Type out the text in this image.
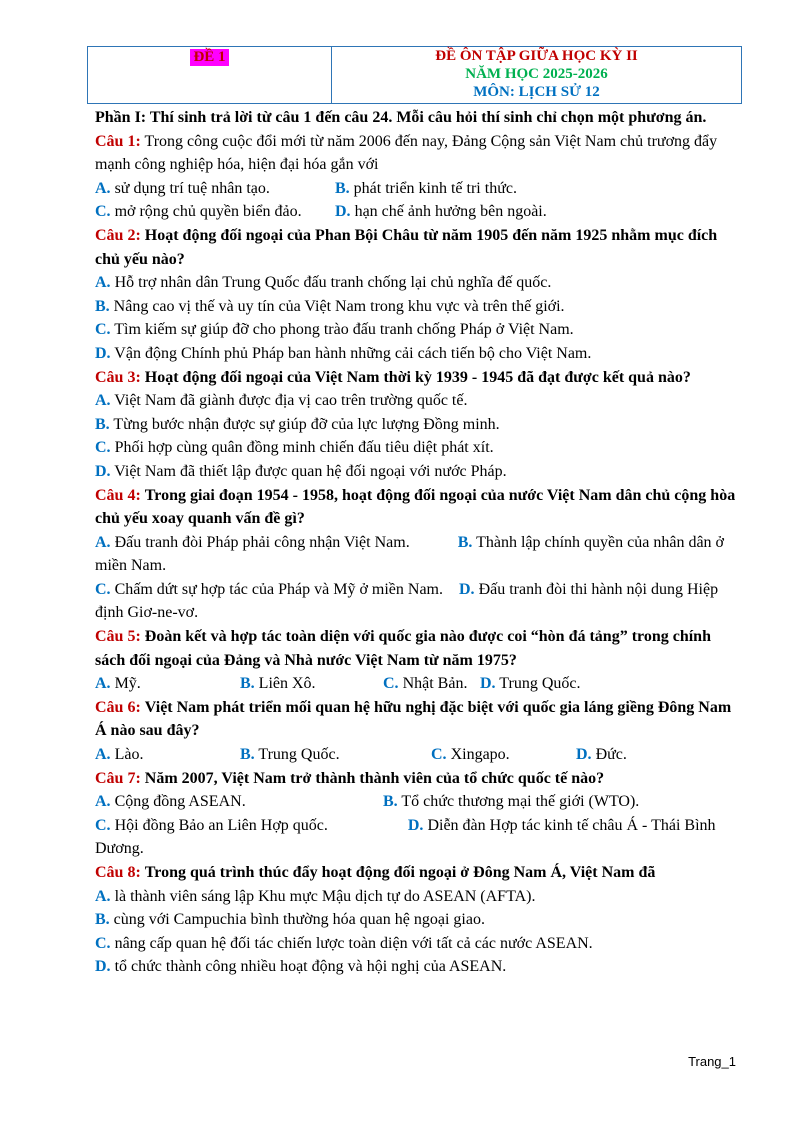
ĐỀ 1	ĐỀ ÔN TẬP GIỮA HỌC KỲ II
NĂM HỌC 2025-2026
MÔN: LỊCH SỬ 12

Phần I: Thí sinh trả lời từ câu 1 đến câu 24. Mỗi câu hỏi thí sinh chỉ chọn một phương án.

Câu 1: Trong công cuộc đổi mới từ năm 2006 đến nay, Đảng Cộng sản Việt Nam chủ trương đẩy mạnh công nghiệp hóa, hiện đại hóa gắn với

A. sử dụng trí tuệ nhân tạo.	B. phát triển kinh tế tri thức.
C. mở rộng chủ quyền biển đảo.	D. hạn chế ảnh hưởng bên ngoài.

Câu 2: Hoạt động đối ngoại của Phan Bội Châu từ năm 1905 đến năm 1925 nhằm mục đích chủ yếu nào?

A. Hỗ trợ nhân dân Trung Quốc đấu tranh chống lại chủ nghĩa đế quốc.

B. Nâng cao vị thế và uy tín của Việt Nam trong khu vực và trên thế giới.

C. Tìm kiếm sự giúp đỡ cho phong trào đấu tranh chống Pháp ở Việt Nam.

D. Vận động Chính phủ Pháp ban hành những cải cách tiến bộ cho Việt Nam.

Câu 3: Hoạt động đối ngoại của Việt Nam thời kỳ 1939 - 1945 đã đạt được kết quả nào?

A. Việt Nam đã giành được địa vị cao trên trường quốc tế.

B. Từng bước nhận được sự giúp đỡ của lực lượng Đồng minh.

C. Phối hợp cùng quân đồng minh chiến đấu tiêu diệt phát xít.

D. Việt Nam đã thiết lập được quan hệ đối ngoại với nước Pháp.

Câu 4: Trong giai đoạn 1954 - 1958, hoạt động đối ngoại của nước Việt Nam dân chủ cộng hòa chủ yếu xoay quanh vấn đề gì?

A. Đấu tranh đòi Pháp phải công nhận Việt Nam.	B. Thành lập chính quyền của nhân dân ở miền Nam.

C. Chấm dứt sự hợp tác của Pháp và Mỹ ở miền Nam. D. Đấu tranh đòi thi hành nội dung Hiệp định Giơ-ne-vơ.

Câu 5: Đoàn kết và hợp tác toàn diện với quốc gia nào được coi “hòn đá tảng” trong chính sách đối ngoại của Đảng và Nhà nước Việt Nam từ năm 1975?

A. Mỹ.	B. Liên Xô.	C. Nhật Bản. D. Trung Quốc.

Câu 6: Việt Nam phát triển mối quan hệ hữu nghị đặc biệt với quốc gia láng giềng Đông Nam Á nào sau đây?

A. Lào.	B. Trung Quốc.	C. Xingapo.	D. Đức.

Câu 7: Năm 2007, Việt Nam trở thành thành viên của tổ chức quốc tế nào?

A. Cộng đồng ASEAN.	B. Tổ chức thương mại thế giới (WTO).

C. Hội đồng Bảo an Liên Hợp quốc.	D. Diễn đàn Hợp tác kinh tế châu Á - Thái Bình Dương.

Câu 8: Trong quá trình thúc đẩy hoạt động đối ngoại ở Đông Nam Á, Việt Nam đã

A. là thành viên sáng lập Khu mực Mậu dịch tự do ASEAN (AFTA).

B. cùng với Campuchia bình thường hóa quan hệ ngoại giao.

C. nâng cấp quan hệ đối tác chiến lược toàn diện với tất cả các nước ASEAN.

D. tổ chức thành công nhiều hoạt động và hội nghị của ASEAN.

Trang_1
